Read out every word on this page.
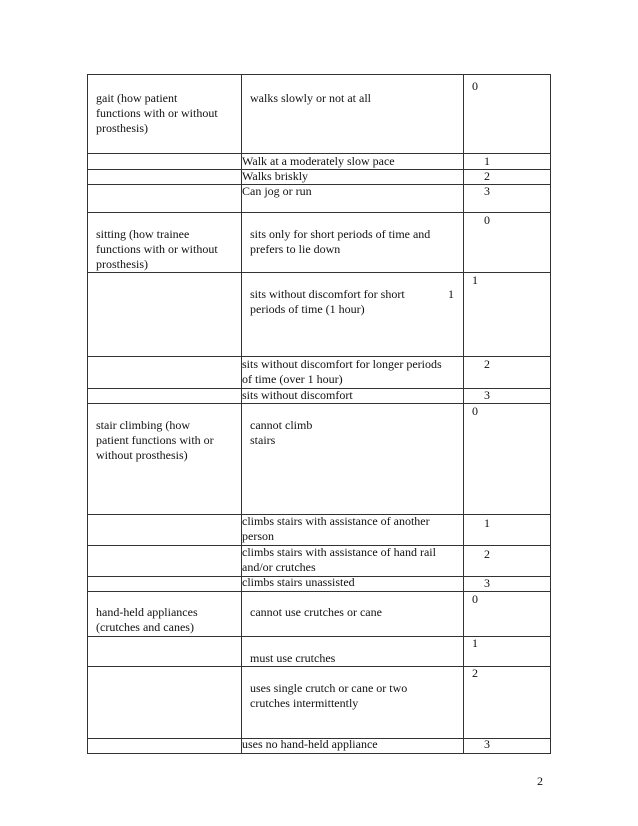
gait (how patient
functions with or without
prosthesis)	walks slowly or not at all	0

	Walk at a moderately slow pace	1

	Walks briskly	2

	Can jog or run	3

sitting (how trainee
functions with or without
prosthesis)	sits only for short periods of time and
prefers to lie down	0

	sits without discomfort for short
periods of time (1 hour)
1	1

	sits without discomfort for longer periods
of time (over 1 hour)	2

	sits without discomfort	3

stair climbing (how
patient functions with or
without prosthesis)	cannot climb
stairs	0

	climbs stairs with assistance of another
person	1

	climbs stairs with assistance of hand rail
and/or crutches	2

	climbs stairs unassisted	3

hand-held appliances
(crutches and canes)	cannot use crutches or cane	0

	must use crutches	1

	uses single crutch or cane or two
crutches intermittently	2

	uses no hand-held appliance	3
2
